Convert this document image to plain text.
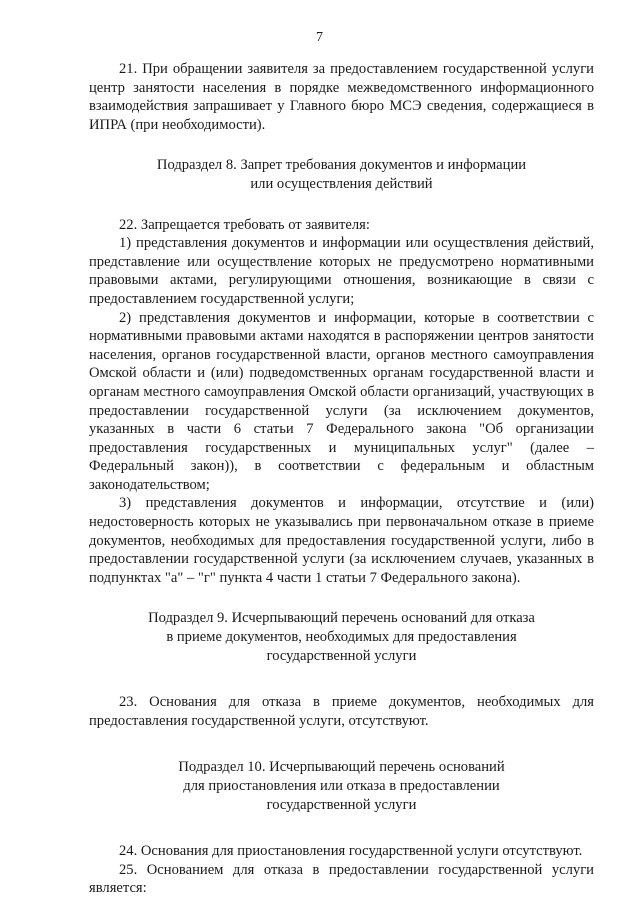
7

21. При обращении заявителя за предоставлением государственной услуги центр занятости населения в порядке межведомственного информационного взаимодействия запрашивает у Главного бюро МСЭ сведения, содержащиеся в ИПРА (при необходимости).

Подраздел 8. Запрет требования документов и информации
или осуществления действий

22. Запрещается требовать от заявителя:

1) представления документов и информации или осуществления действий, представление или осуществление которых не предусмотрено нормативными правовыми актами, регулирующими отношения, возникающие в связи с предоставлением государственной услуги;

2) представления документов и информации, которые в соответствии с нормативными правовыми актами находятся в распоряжении центров занятости населения, органов государственной власти, органов местного самоуправления Омской области и (или) подведомственных органам государственной власти и органам местного самоуправления Омской области организаций, участвующих в предоставлении государственной услуги (за исключением документов, указанных в части 6 статьи 7 Федерального закона "Об организации предоставления государственных и муниципальных услуг" (далее – Федеральный закон)), в соответствии с федеральным и областным законодательством;

3) представления документов и информации, отсутствие и (или) недостоверность которых не указывались при первоначальном отказе в приеме документов, необходимых для предоставления государственной услуги, либо в предоставлении государственной услуги (за исключением случаев, указанных в подпунктах "а" – "г" пункта 4 части 1 статьи 7 Федерального закона).

Подраздел 9. Исчерпывающий перечень оснований для отказа
в приеме документов, необходимых для предоставления
государственной услуги

23. Основания для отказа в приеме документов, необходимых для предоставления государственной услуги, отсутствуют.

Подраздел 10. Исчерпывающий перечень оснований
для приостановления или отказа в предоставлении
государственной услуги

24. Основания для приостановления государственной услуги отсутствуют.

25. Основанием для отказа в предоставлении государственной услуги является:
